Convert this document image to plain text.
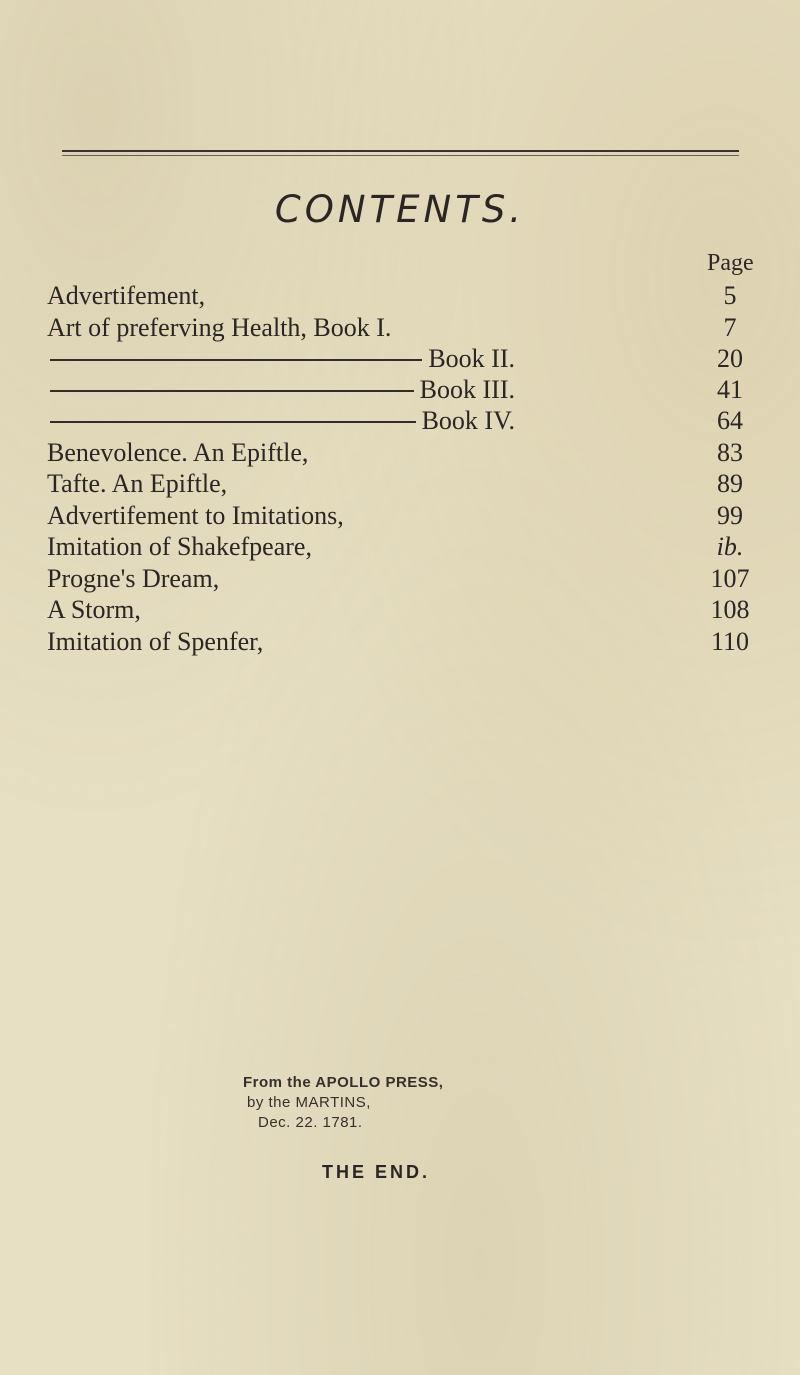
CONTENTS.
Page
Advertifement,	5
Art of preferving Health, Book I.	7
Book II.	20
Book III.	41
Book IV.	64
Benevolence. An Epiftle,	83
Tafte. An Epiftle,	89
Advertifement to Imitations,	99
Imitation of Shakefpeare,	ib.
Progne's Dream,	107
A Storm,	108
Imitation of Spenfer,	110
From the APOLLO PRESS,
by the MARTINS,
Dec. 22. 1781.
THE END.
